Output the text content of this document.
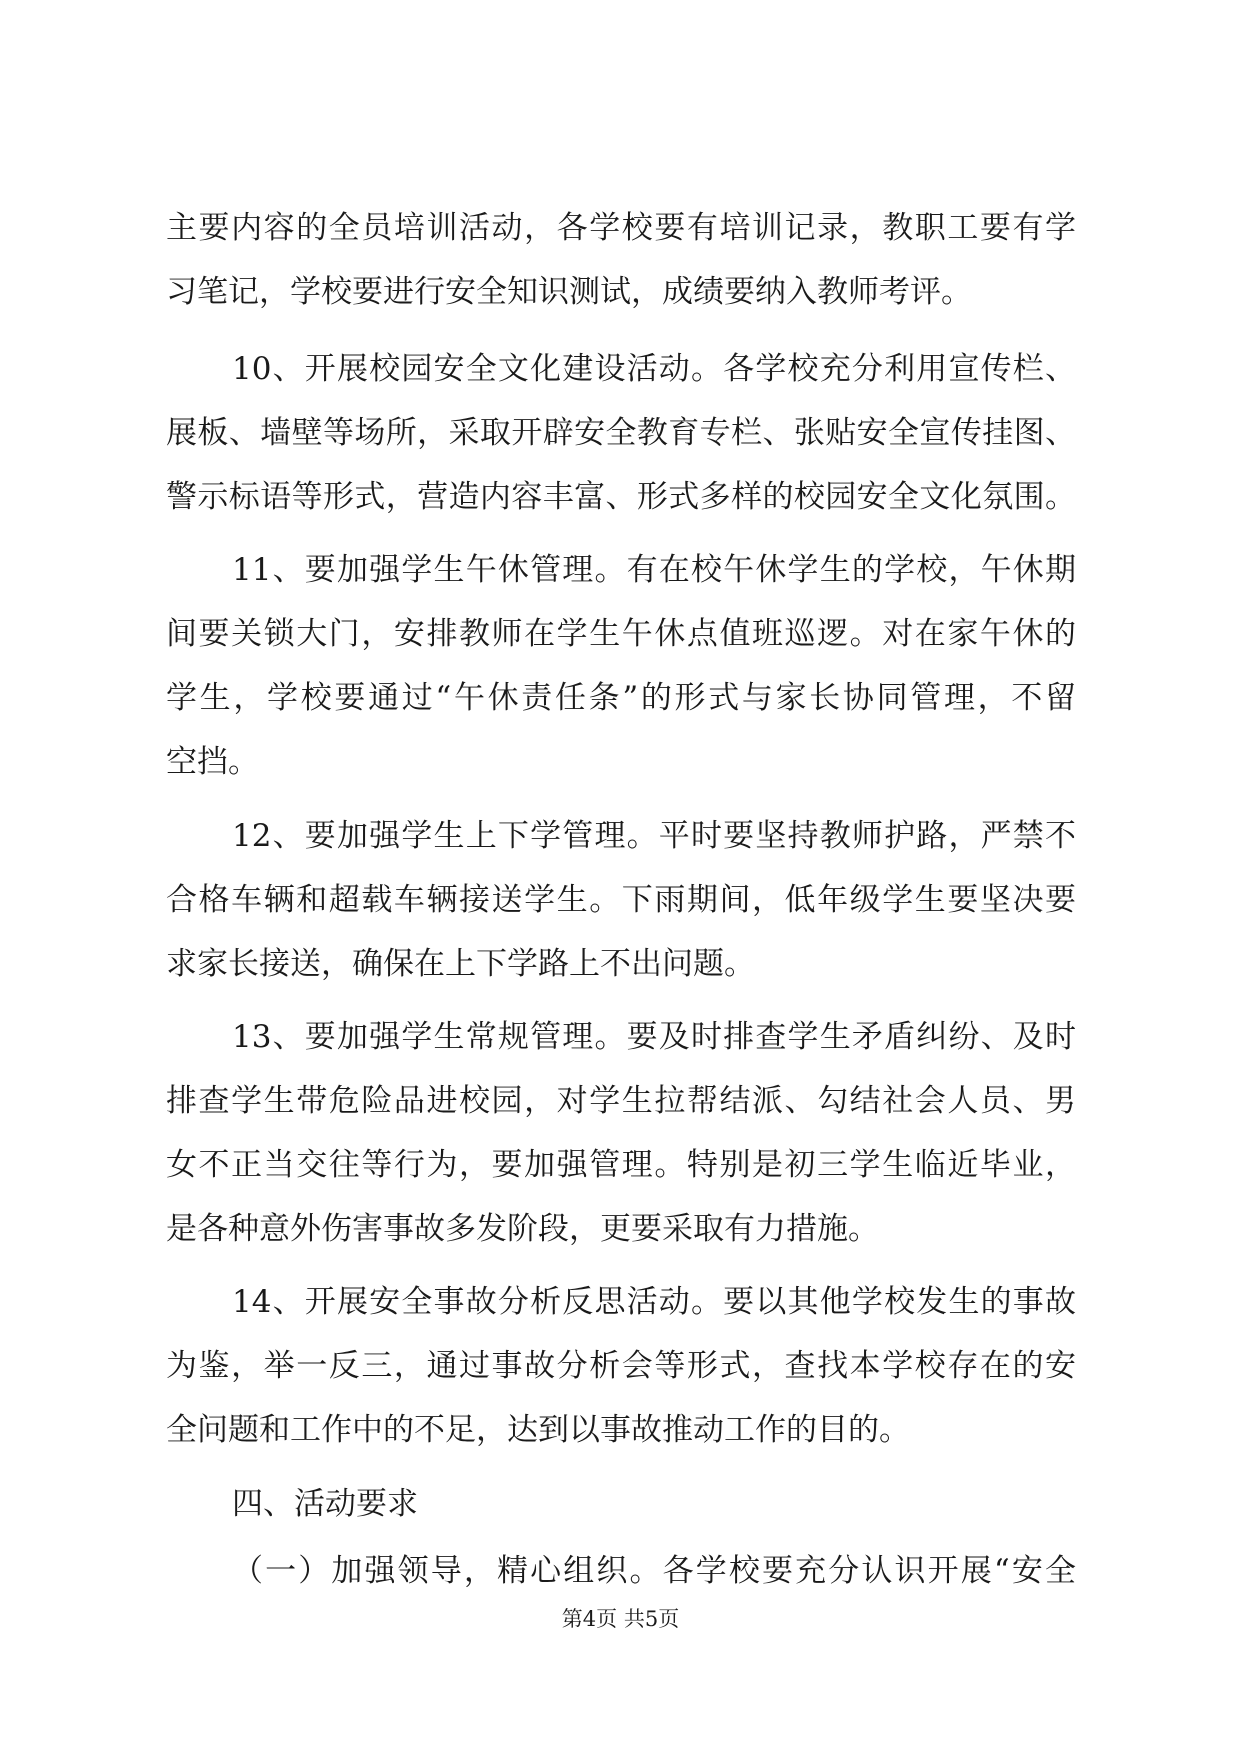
主要内容的全员培训活动，各学校要有培训记录，教职工要有学
习笔记，学校要进行安全知识测试，成绩要纳入教师考评。
10、开展校园安全文化建设活动。各学校充分利用宣传栏、
展板、墙壁等场所，采取开辟安全教育专栏、张贴安全宣传挂图、
警示标语等形式，营造内容丰富、形式多样的校园安全文化氛围。
11、要加强学生午休管理。有在校午休学生的学校，午休期
间要关锁大门，安排教师在学生午休点值班巡逻。对在家午休的
学生，学校要通过“午休责任条”的形式与家长协同管理，不留
空挡。
12、要加强学生上下学管理。平时要坚持教师护路，严禁不
合格车辆和超载车辆接送学生。下雨期间，低年级学生要坚决要
求家长接送，确保在上下学路上不出问题。
13、要加强学生常规管理。要及时排查学生矛盾纠纷、及时
排查学生带危险品进校园，对学生拉帮结派、勾结社会人员、男
女不正当交往等行为，要加强管理。特别是初三学生临近毕业，
是各种意外伤害事故多发阶段，更要采取有力措施。
14、开展安全事故分析反思活动。要以其他学校发生的事故
为鉴，举一反三，通过事故分析会等形式，查找本学校存在的安
全问题和工作中的不足，达到以事故推动工作的目的。
四、活动要求
（一）加强领导，精心组织。各学校要充分认识开展“安全
第4页 共5页
